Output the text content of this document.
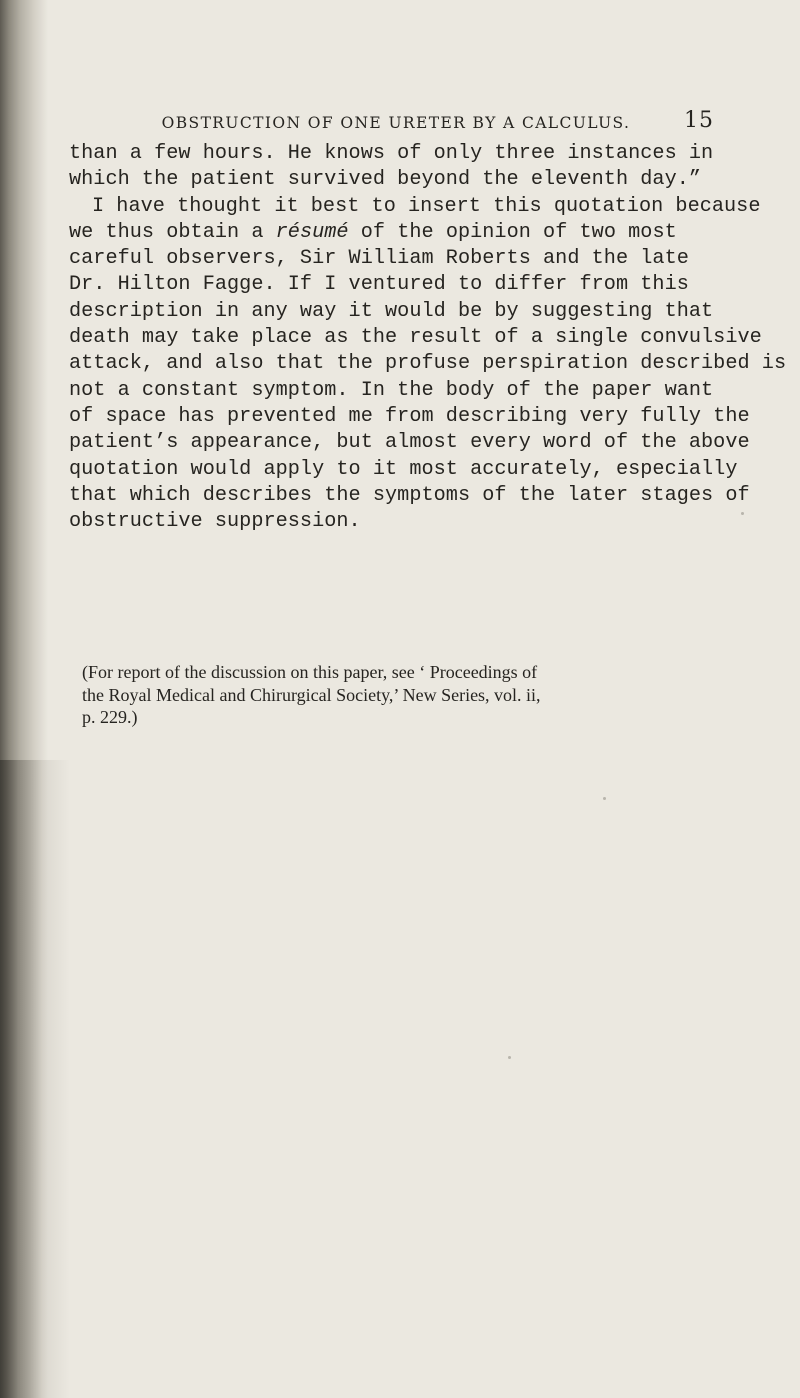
OBSTRUCTION OF ONE URETER BY A CALCULUS.	15
than a few hours. He knows of only three instances in
which the patient survived beyond the eleventh day.”
I have thought it best to insert this quotation because
we thus obtain a résumé of the opinion of two most
careful observers, Sir William Roberts and the late
Dr. Hilton Fagge. If I ventured to differ from this
description in any way it would be by suggesting that
death may take place as the result of a single convulsive
attack, and also that the profuse perspiration described is
not a constant symptom. In the body of the paper want
of space has prevented me from describing very fully the
patient’s appearance, but almost every word of the above
quotation would apply to it most accurately, especially
that which describes the symptoms of the later stages of
obstructive suppression.
(For report of the discussion on this paper, see ‘ Proceedings of
the Royal Medical and Chirurgical Society,’ New Series, vol. ii,
p. 229.)
